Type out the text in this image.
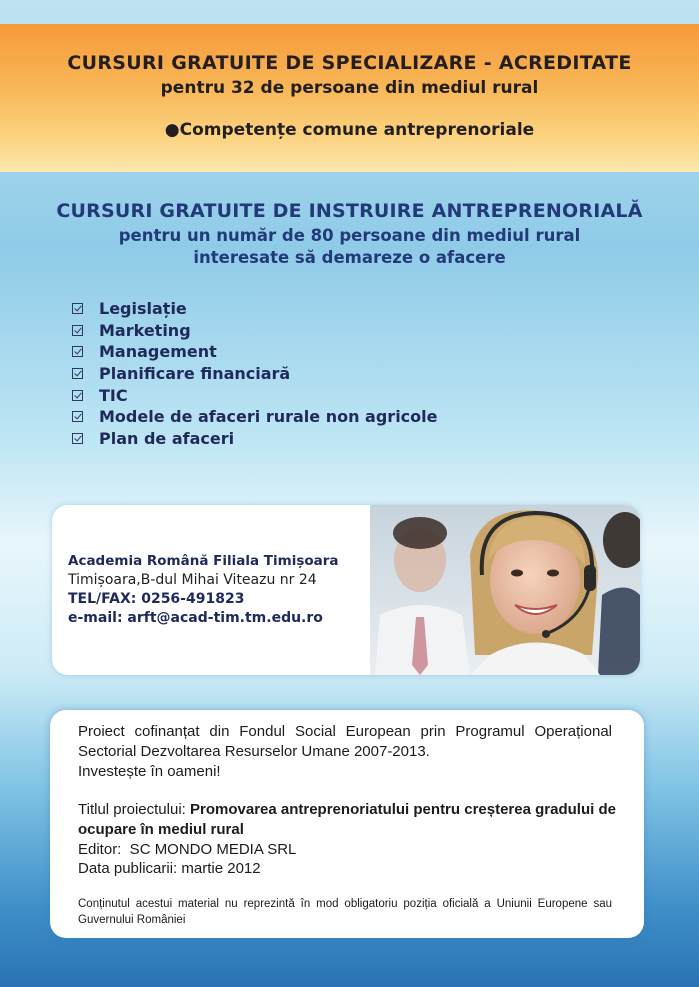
CURSURI GRATUITE DE SPECIALIZARE - ACREDITATE
pentru 32 de persoane din mediul rural
●Competențe comune antreprenoriale
CURSURI GRATUITE DE INSTRUIRE ANTREPRENORIALĂ
pentru un număr de 80 persoane din mediul rural
interesate să demareze o afacere
Legislație
Marketing
Management
Planificare financiară
TIC
Modele de afaceri rurale non agricole
Plan de afaceri
Academia Română Filiala Timișoara
Timișoara,B-dul Mihai Viteazu nr 24
TEL/FAX: 0256-491823
e-mail: arft@acad-tim.tm.edu.ro
Proiect cofinanțat din Fondul Social European prin Programul Operațional Sectorial Dezvoltarea Resurselor Umane 2007-2013.
Investește în oameni!
Titlul proiectului: Promovarea antreprenoriatului pentru creșterea gradului de ocupare în mediul rural
Editor:  SC MONDO MEDIA SRL
Data publicarii: martie 2012
Conținutul acestui material nu reprezintă în mod obligatoriu poziția oficială a Uniunii Europene sau Guvernului României
